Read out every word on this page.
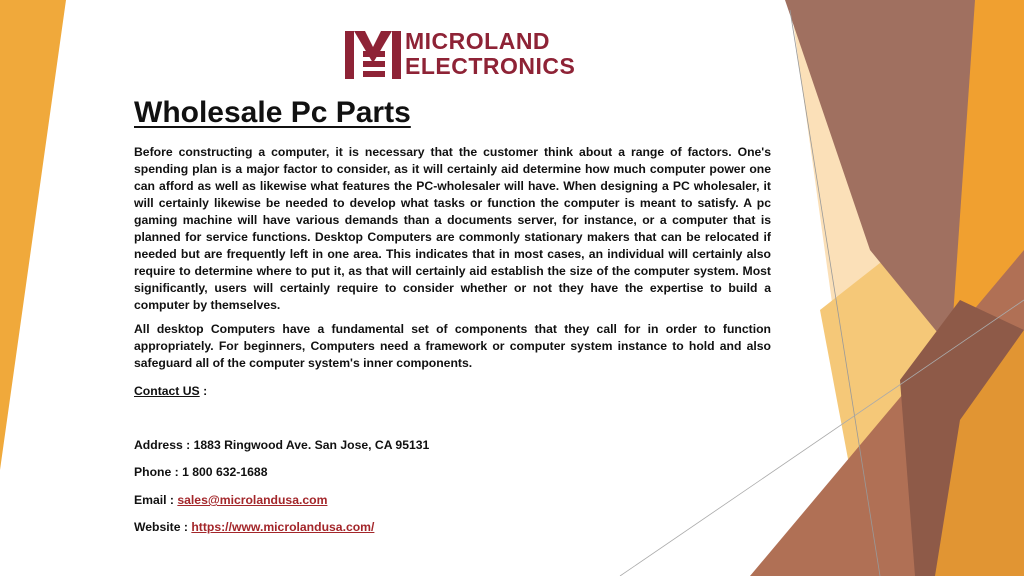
MICROLAND
ELECTRONICS
Wholesale Pc Parts

Before constructing a computer, it is necessary that the customer think about a range of factors. One's spending plan is a major factor to consider, as it will certainly aid determine how much computer power one can afford as well as likewise what features the PC-wholesaler will have. When designing a PC wholesaler, it will certainly likewise be needed to develop what tasks or function the computer is meant to satisfy. A pc gaming machine will have various demands than a documents server, for instance, or a computer that is planned for service functions. Desktop Computers are commonly stationary makers that can be relocated if needed but are frequently left in one area. This indicates that in most cases, an individual will certainly also require to determine where to put it, as that will certainly aid establish the size of the computer system. Most significantly, users will certainly require to consider whether or not they have the expertise to build a computer by themselves.

All desktop Computers have a fundamental set of components that they call for in order to function appropriately. For beginners, Computers need a framework or computer system instance to hold and also safeguard all of the computer system's inner components.

Contact US :
Address : 1883 Ringwood Ave. San Jose, CA 95131
Phone : 1 800 632-1688
Email : sales@microlandusa.com
Website : https://www.microlandusa.com/
